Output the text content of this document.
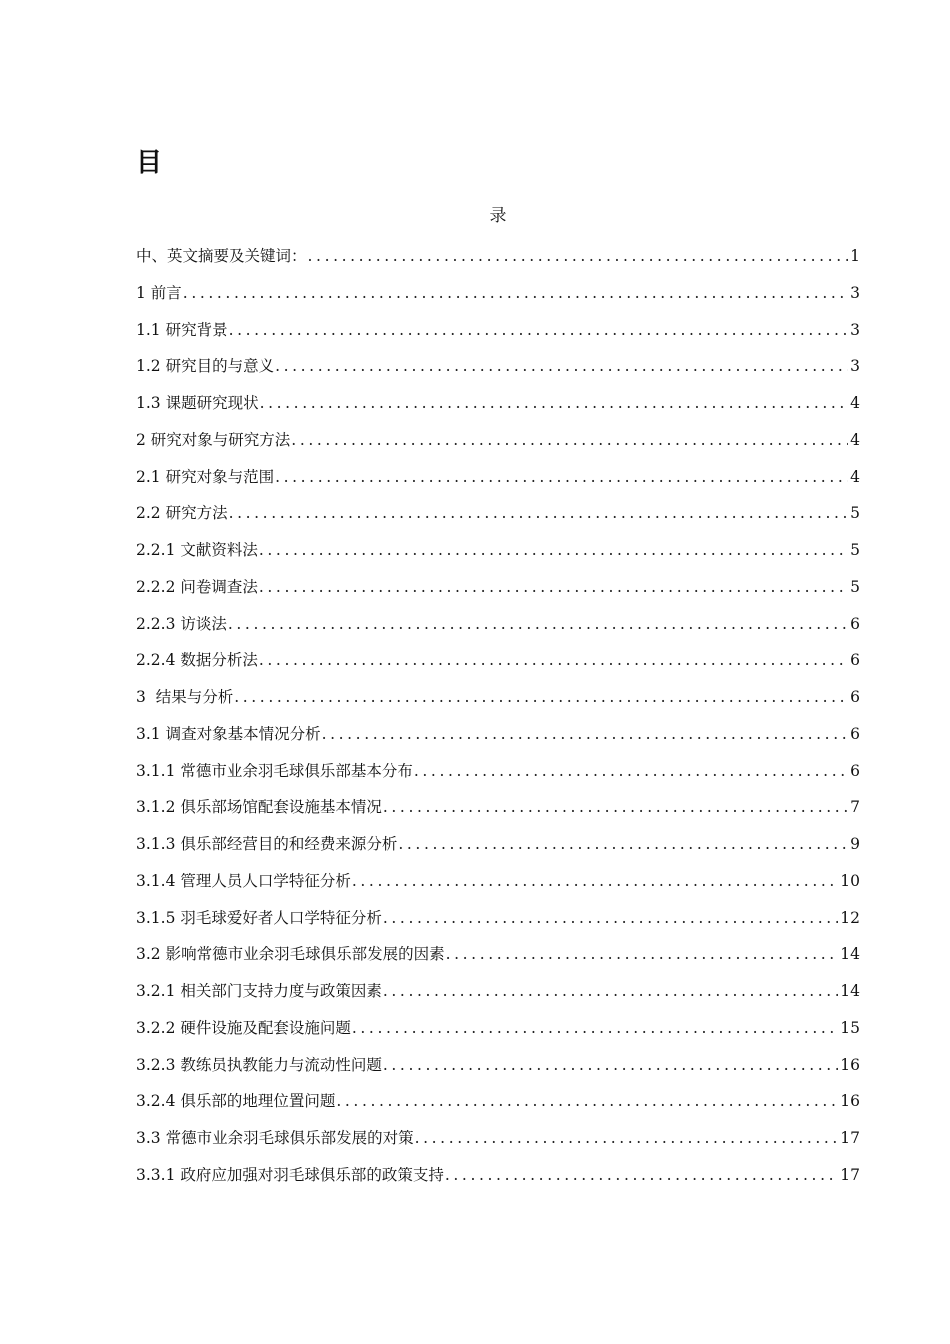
目
录
中、英文摘要及关键词： .....	1
1 前言 .....	3
1.1 研究背景 .....	3
1.2 研究目的与意义 .....	3
1.3 课题研究现状 .....	4
2 研究对象与研究方法 .....	4
2.1 研究对象与范围 .....	4
2.2 研究方法 .....	5
2.2.1 文献资料法 .....	5
2.2.2 问卷调查法 .....	5
2.2.3 访谈法 .....	6
2.2.4 数据分析法 .....	6
3  结果与分析 .....	6
3.1 调查对象基本情况分析 .....	6
3.1.1 常德市业余羽毛球俱乐部基本分布 .....	6
3.1.2 俱乐部场馆配套设施基本情况 .....	7
3.1.3 俱乐部经营目的和经费来源分析 .....	9
3.1.4 管理人员人口学特征分析 .....	10
3.1.5 羽毛球爱好者人口学特征分析 .....	12
3.2 影响常德市业余羽毛球俱乐部发展的因素 .....	14
3.2.1 相关部门支持力度与政策因素 .....	14
3.2.2 硬件设施及配套设施问题 .....	15
3.2.3 教练员执教能力与流动性问题 .....	16
3.2.4 俱乐部的地理位置问题 .....	16
3.3 常德市业余羽毛球俱乐部发展的对策 .....	17
3.3.1 政府应加强对羽毛球俱乐部的政策支持 .....	17
